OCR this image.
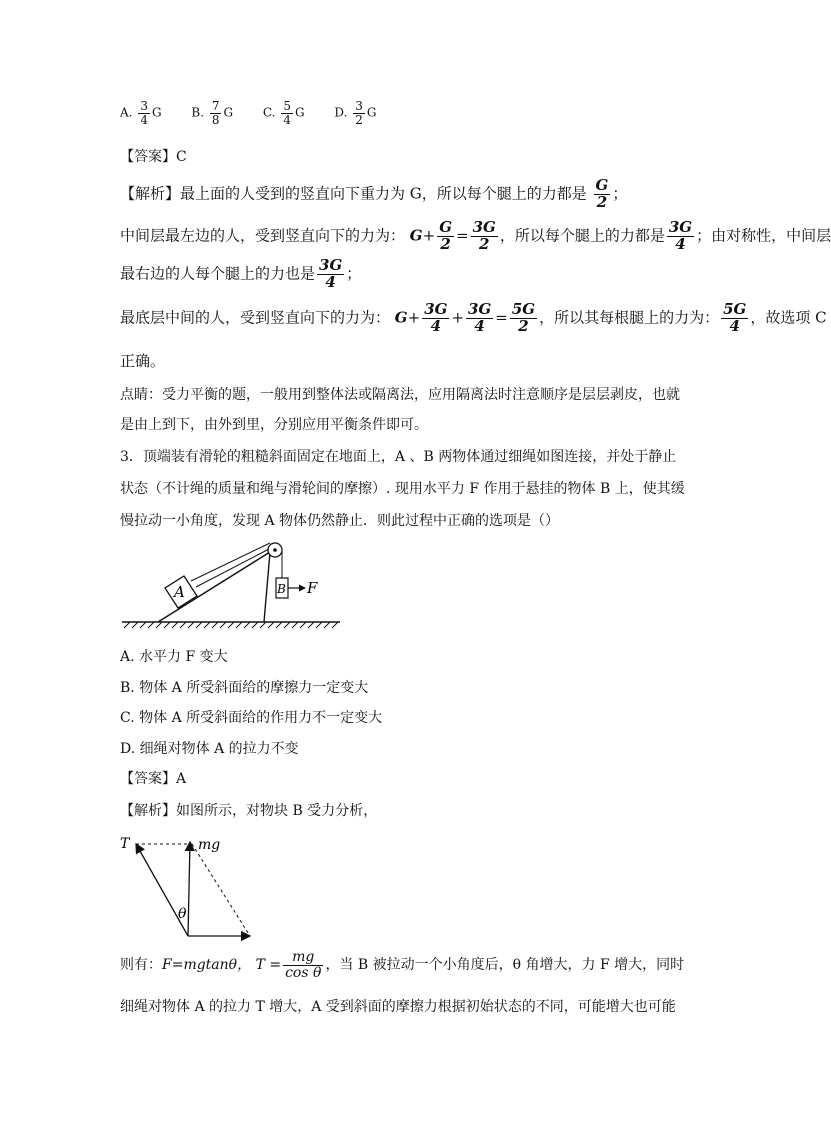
A. $\frac{3}{4}$ G B. $\frac{7}{8}$ G C. $\frac{5}{4}$ G D. $\frac{3}{2}$ G
【答案】C
【解析】最上面的人受到的竖直向下重力为 G，所以每个腿上的力都是 $\frac{G}{2}$ ；
中间层最左边的人，受到竖直向下的力为： $G+ \frac{G}{2} = \frac{3G}{2}$ ，所以每个腿上的力都是 $\frac{3G}{4}$ ；由对称性，中间层
最右边的人每个腿上的力也是 $\frac{3G}{4}$ ；
最底层中间的人，受到竖直向下的力为： $G+ \frac{3G}{4} + \frac{3G}{4} = \frac{5G}{2}$ ，所以其每根腿上的力为： $\frac{5G}{4}$ ，故选项 C
正确。
点睛：受力平衡的题，一般用到整体法或隔离法，应用隔离法时注意顺序是层层剥皮，也就
是由上到下，由外到里，分别应用平衡条件即可。
3．顶端装有滑轮的粗糙斜面固定在地面上，A 、B 两物体通过细绳如图连接，并处于静止
状态（不计绳的质量和绳与滑轮间的摩擦）. 现用水平力 F 作用于悬挂的物体 B 上，使其缓
慢拉动一小角度，发现 A 物体仍然静止．则此过程中正确的选项是（）
A	B F
A. 水平力 F 变大
B. 物体 A 所受斜面给的摩擦力一定变大
C. 物体 A 所受斜面给的作用力不一定变大
D. 细绳对物体 A 的拉力不变
【答案】A
【解析】如图所示，对物块 B 受力分析，
T	mg
θ
则有：F=mgtanθ， $T = \frac{mg}{\text{cos θ}}$ ，当 B 被拉动一个小角度后，θ 角增大，力 F 增大，同时
细绳对物体 A 的拉力 T 增大，A 受到斜面的摩擦力根据初始状态的不同，可能增大也可能
